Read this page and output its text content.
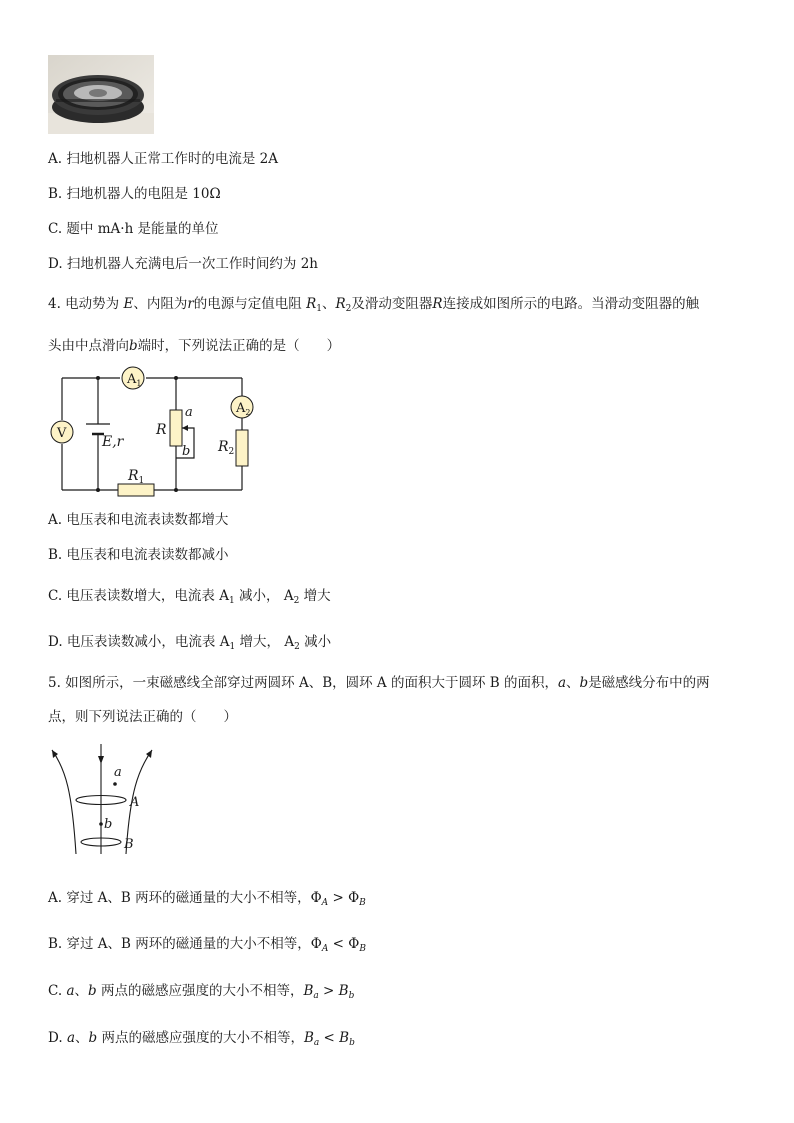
A. 扫地机器人正常工作时的电流是 2A
B. 扫地机器人的电阻是 10Ω
C. 题中 mA·h 是能量的单位
D. 扫地机器人充满电后一次工作时间约为 2h
4. 电动势为 E、内阻为r的电源与定值电阻 $R_1$、$R_2$及滑动变阻器R连接成如图所示的电路。当滑动变阻器的触
头由中点滑向b端时，下列说法正确的是（　　）
$A_1$
$A_2$
V
a
b
R
E,r
$R_1$
$R_2$
A. 电压表和电流表读数都增大
B. 电压表和电流表读数都减小
C. 电压表读数增大，电流表 $A_1$ 减小， $A_2$ 增大
D. 电压表读数减小，电流表 $A_1$ 增大， $A_2$ 减小
5. 如图所示，一束磁感线全部穿过两圆环 A、B，圆环 A 的面积大于圆环 B 的面积，a、b是磁感线分布中的两
点，则下列说法正确的（　　）
a
b
A
B
A. 穿过 A、B 两环的磁通量的大小不相等，$\Phi_A > \Phi_B$
B. 穿过 A、B 两环的磁通量的大小不相等，$\Phi_A < \Phi_B$
C. a、b 两点的磁感应强度的大小不相等，$B_a > B_b$
D. a、b 两点的磁感应强度的大小不相等，$B_a < B_b$
